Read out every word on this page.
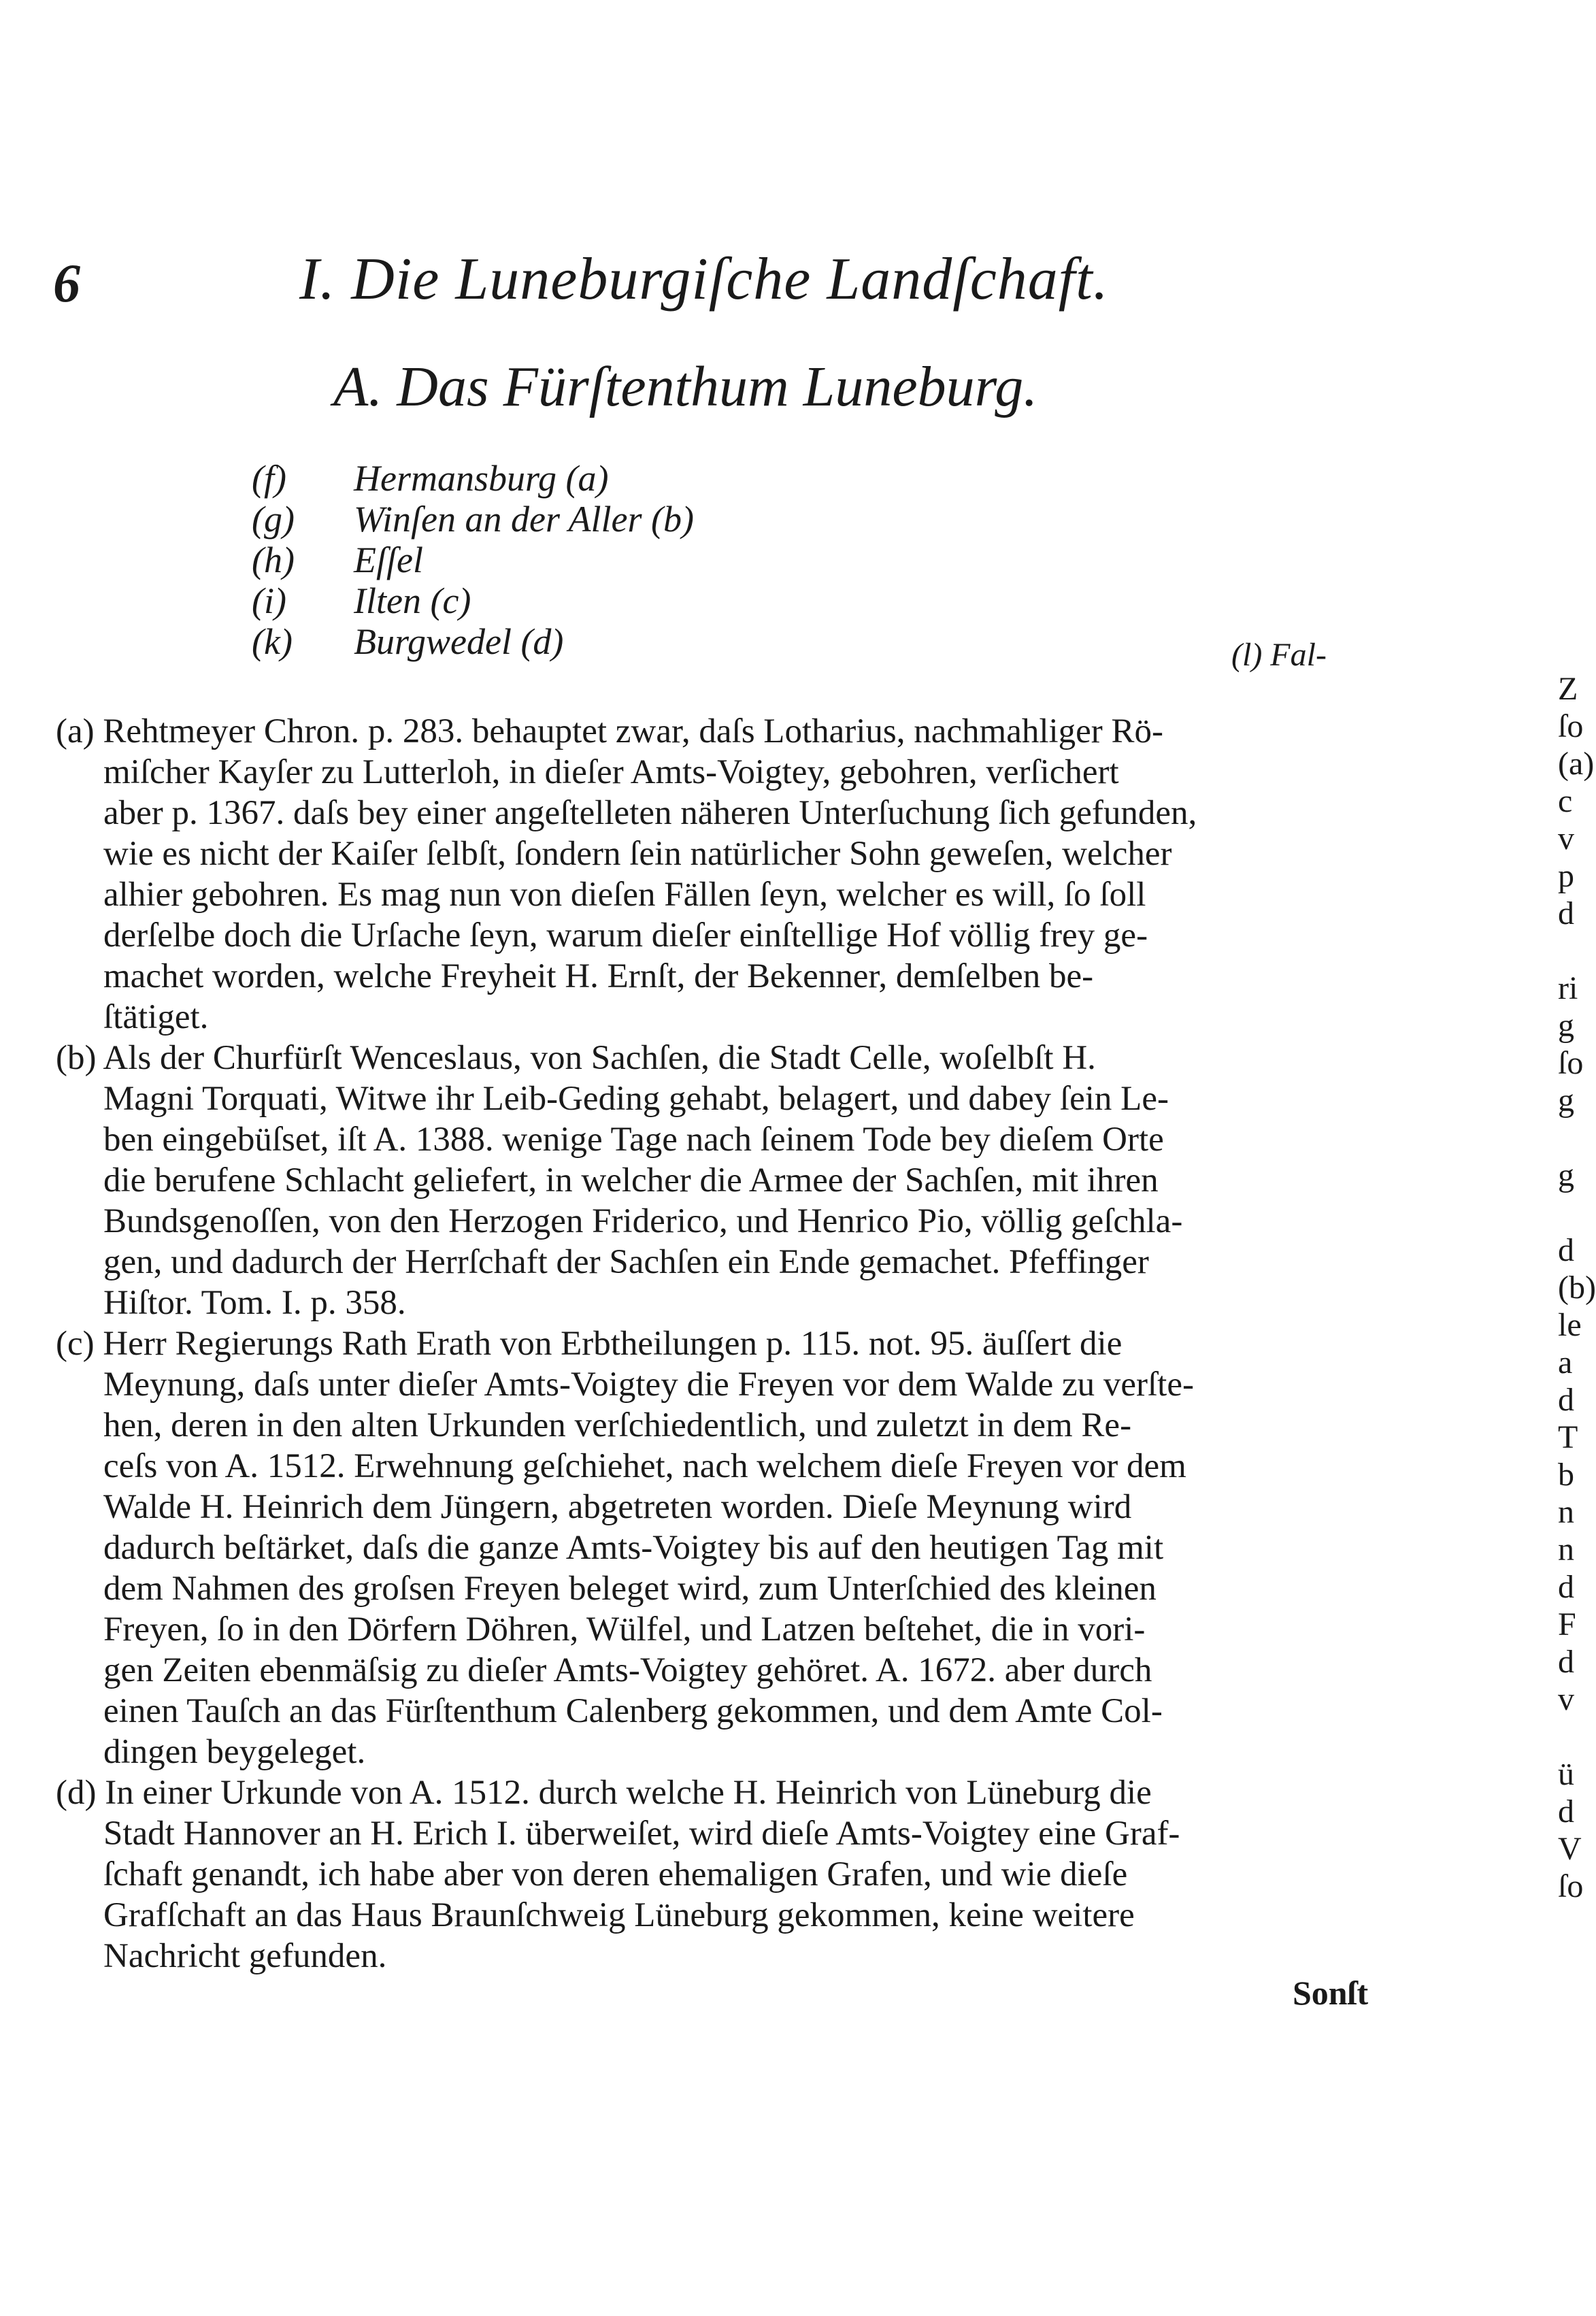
6	I. Die Luneburgiſche Landſchaft.
A. Das Fürſtenthum Luneburg.
(f) Hermansburg (a)
(g) Winſen an der Aller (b)
(h) Eſſel
(i) Ilten (c)
(k) Burgwedel (d)	(l) Fal-

(a) Rehtmeyer Chron. p. 283. behauptet zwar, daſs Lotharius, nachmahliger Rö-

miſcher Kayſer zu Lutterloh, in dieſer Amts-Voigtey, gebohren, verſichert

aber p. 1367. daſs bey einer angeſtelleten näheren Unterſuchung ſich gefunden,

wie es nicht der Kaiſer ſelbſt, ſondern ſein natürlicher Sohn geweſen, welcher

alhier gebohren. Es mag nun von dieſen Fällen ſeyn, welcher es will, ſo ſoll

derſelbe doch die Urſache ſeyn, warum dieſer einſtellige Hof völlig frey ge-

machet worden, welche Freyheit H. Ernſt, der Bekenner, demſelben be-

ſtätiget.

(b) Als der Churfürſt Wenceslaus, von Sachſen, die Stadt Celle, woſelbſt H.

Magni Torquati, Witwe ihr Leib-Geding gehabt, belagert, und dabey ſein Le-

ben eingebüſset, iſt A. 1388. wenige Tage nach ſeinem Tode bey dieſem Orte

die berufene Schlacht geliefert, in welcher die Armee der Sachſen, mit ihren

Bundsgenoſſen, von den Herzogen Friderico, und Henrico Pio, völlig geſchla-

gen, und dadurch der Herrſchaft der Sachſen ein Ende gemachet. Pfeffinger

Hiſtor. Tom. I. p. 358.

(c) Herr Regierungs Rath Erath von Erbtheilungen p. 115. not. 95. äuſſert die

Meynung, daſs unter dieſer Amts-Voigtey die Freyen vor dem Walde zu verſte-

hen, deren in den alten Urkunden verſchiedentlich, und zuletzt in dem Re-

ceſs von A. 1512. Erwehnung geſchiehet, nach welchem dieſe Freyen vor dem

Walde H. Heinrich dem Jüngern, abgetreten worden. Dieſe Meynung wird

dadurch beſtärket, daſs die ganze Amts-Voigtey bis auf den heutigen Tag mit

dem Nahmen des groſsen Freyen beleget wird, zum Unterſchied des kleinen

Freyen, ſo in den Dörfern Döhren, Wülfel, und Latzen beſtehet, die in vori-

gen Zeiten ebenmäſsig zu dieſer Amts-Voigtey gehöret. A. 1672. aber durch

einen Tauſch an das Fürſtenthum Calenberg gekommen, und dem Amte Col-

dingen beygeleget.

(d) In einer Urkunde von A. 1512. durch welche H. Heinrich von Lüneburg die

Stadt Hannover an H. Erich I. überweiſet, wird dieſe Amts-Voigtey eine Graf-

ſchaft genandt, ich habe aber von deren ehemaligen Grafen, und wie dieſe

Grafſchaft an das Haus Braunſchweig Lüneburg gekommen, keine weitere

Nachricht gefunden.

Sonſt
Z
ſo
(a)
c
v
p
d

ri
g
ſo
g

g

d
(b)
le
a
d
T
b
n
n
d
F
d
v

ü
d
V
ſo
